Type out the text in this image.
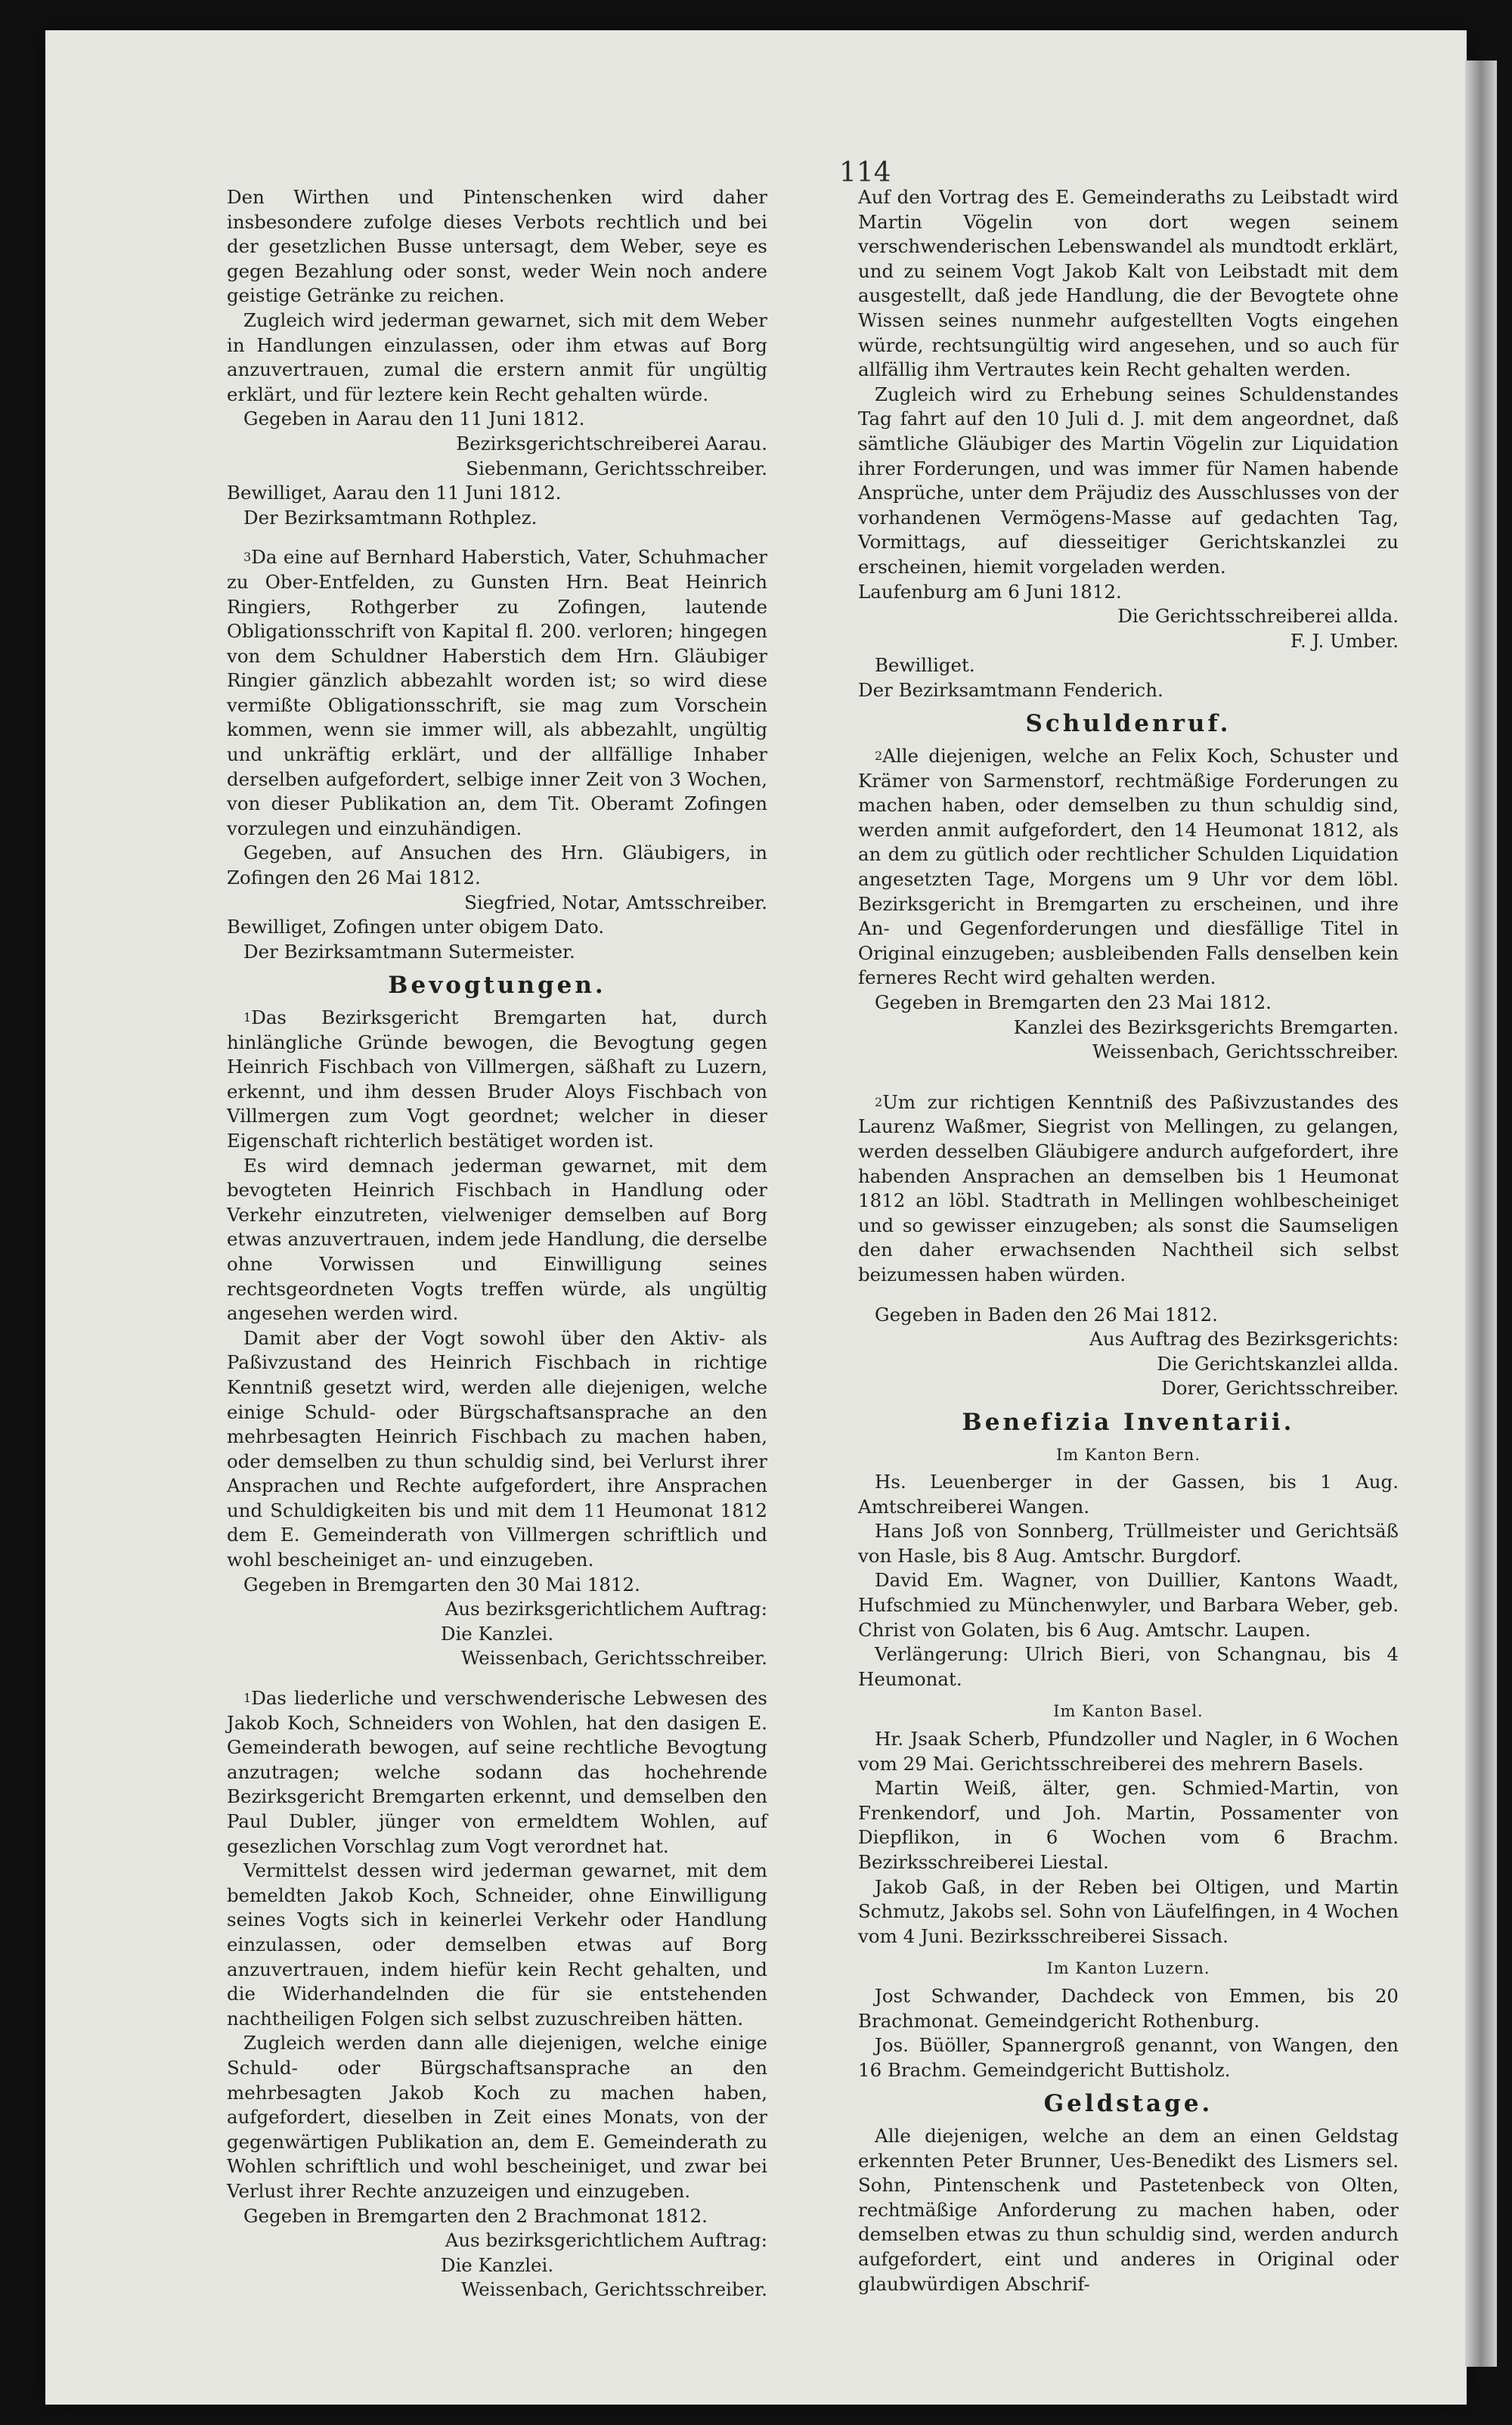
114

Den Wirthen und Pintenschenken wird daher insbesondere zufolge dieses Verbots rechtlich und bei der gesetzlichen Busse untersagt, dem Weber, seye es gegen Bezahlung oder sonst, weder Wein noch andere geistige Getränke zu reichen.

Zugleich wird jederman gewarnet, sich mit dem Weber in Handlungen einzulassen, oder ihm etwas auf Borg anzuvertrauen, zumal die erstern anmit für ungültig erklärt, und für leztere kein Recht gehalten würde.

Gegeben in Aarau den 11 Juni 1812.

Bezirksgerichtschreiberei Aarau.

Siebenmann, Gerichtsschreiber.

Bewilliget, Aarau den 11 Juni 1812.

Der Bezirksamtmann Rothplez.

$^3$Da eine auf Bernhard Haberstich, Vater, Schuhmacher zu Ober-Entfelden, zu Gunsten Hrn. Beat Heinrich Ringiers, Rothgerber zu Zofingen, lautende Obligationsschrift von Kapital fl. 200. verloren; hingegen von dem Schuldner Haberstich dem Hrn. Gläubiger Ringier gänzlich abbezahlt worden ist; so wird diese vermißte Obligationsschrift, sie mag zum Vorschein kommen, wenn sie immer will, als abbezahlt, ungültig und unkräftig erklärt, und der allfällige Inhaber derselben aufgefordert, selbige inner Zeit von 3 Wochen, von dieser Publikation an, dem Tit. Oberamt Zofingen vorzulegen und einzuhändigen.

Gegeben, auf Ansuchen des Hrn. Gläubigers, in Zofingen den 26 Mai 1812.

Siegfried, Notar, Amtsschreiber.

Bewilliget, Zofingen unter obigem Dato.

Der Bezirksamtmann Sutermeister.

Bevogtungen.

$^1$Das Bezirksgericht Bremgarten hat, durch hinlängliche Gründe bewogen, die Bevogtung gegen Heinrich Fischbach von Villmergen, säßhaft zu Luzern, erkennt, und ihm dessen Bruder Aloys Fischbach von Villmergen zum Vogt geordnet; welcher in dieser Eigenschaft richterlich bestätiget worden ist.

Es wird demnach jederman gewarnet, mit dem bevogteten Heinrich Fischbach in Handlung oder Verkehr einzutreten, vielweniger demselben auf Borg etwas anzuvertrauen, indem jede Handlung, die derselbe ohne Vorwissen und Einwilligung seines rechtsgeordneten Vogts treffen würde, als ungültig angesehen werden wird.

Damit aber der Vogt sowohl über den Aktiv- als Paßivzustand des Heinrich Fischbach in richtige Kenntniß gesetzt wird, werden alle diejenigen, welche einige Schuld- oder Bürgschaftsansprache an den mehrbesagten Heinrich Fischbach zu machen haben, oder demselben zu thun schuldig sind, bei Verlurst ihrer Ansprachen und Rechte aufgefordert, ihre Ansprachen und Schuldigkeiten bis und mit dem 11 Heumonat 1812 dem E. Gemeinderath von Villmergen schriftlich und wohl bescheiniget an- und einzugeben.

Gegeben in Bremgarten den 30 Mai 1812.

Aus bezirksgerichtlichem Auftrag:

Die Kanzlei.

Weissenbach, Gerichtsschreiber.

$^1$Das liederliche und verschwenderische Lebwesen des Jakob Koch, Schneiders von Wohlen, hat den dasigen E. Gemeinderath bewogen, auf seine rechtliche Bevogtung anzutragen; welche sodann das hochehrende Bezirksgericht Bremgarten erkennt, und demselben den Paul Dubler, jünger von ermeldtem Wohlen, auf gesezlichen Vorschlag zum Vogt verordnet hat.

Vermittelst dessen wird jederman gewarnet, mit dem bemeldten Jakob Koch, Schneider, ohne Einwilligung seines Vogts sich in keinerlei Verkehr oder Handlung einzulassen, oder demselben etwas auf Borg anzuvertrauen, indem hiefür kein Recht gehalten, und die Widerhandelnden die für sie entstehenden nachtheiligen Folgen sich selbst zuzuschreiben hätten.

Zugleich werden dann alle diejenigen, welche einige Schuld- oder Bürgschaftsansprache an den mehrbesagten Jakob Koch zu machen haben, aufgefordert, dieselben in Zeit eines Monats, von der gegenwärtigen Publikation an, dem E. Gemeinderath zu Wohlen schriftlich und wohl bescheiniget, und zwar bei Verlust ihrer Rechte anzuzeigen und einzugeben.

Gegeben in Bremgarten den 2 Brachmonat 1812.

Aus bezirksgerichtlichem Auftrag:

Die Kanzlei.

Weissenbach, Gerichtsschreiber.

Auf den Vortrag des E. Gemeinderaths zu Leibstadt wird Martin Vögelin von dort wegen seinem verschwenderischen Lebenswandel als mundtodt erklärt, und zu seinem Vogt Jakob Kalt von Leibstadt mit dem ausgestellt, daß jede Handlung, die der Bevogtete ohne Wissen seines nunmehr aufgestellten Vogts eingehen würde, rechtsungültig wird angesehen, und so auch für allfällig ihm Vertrautes kein Recht gehalten werden.

Zugleich wird zu Erhebung seines Schuldenstandes Tag fahrt auf den 10 Juli d. J. mit dem angeordnet, daß sämtliche Gläubiger des Martin Vögelin zur Liquidation ihrer Forderungen, und was immer für Namen habende Ansprüche, unter dem Präjudiz des Ausschlusses von der vorhandenen Vermögens-Masse auf gedachten Tag, Vormittags, auf diesseitiger Gerichtskanzlei zu erscheinen, hiemit vorgeladen werden.

Laufenburg am 6 Juni 1812.

Die Gerichtsschreiberei allda.

F. J. Umber.

Bewilliget.

Der Bezirksamtmann Fenderich.

Schuldenruf.

$^2$Alle diejenigen, welche an Felix Koch, Schuster und Krämer von Sarmenstorf, rechtmäßige Forderungen zu machen haben, oder demselben zu thun schuldig sind, werden anmit aufgefordert, den 14 Heumonat 1812, als an dem zu gütlich oder rechtlicher Schulden Liquidation angesetzten Tage, Morgens um 9 Uhr vor dem löbl. Bezirksgericht in Bremgarten zu erscheinen, und ihre An- und Gegenforderungen und diesfällige Titel in Original einzugeben; ausbleibenden Falls denselben kein ferneres Recht wird gehalten werden.

Gegeben in Bremgarten den 23 Mai 1812.

Kanzlei des Bezirksgerichts Bremgarten.

Weissenbach, Gerichtsschreiber.

$^2$Um zur richtigen Kenntniß des Paßivzustandes des Laurenz Waßmer, Siegrist von Mellingen, zu gelangen, werden desselben Gläubigere andurch aufgefordert, ihre habenden Ansprachen an demselben bis 1 Heumonat 1812 an löbl. Stadtrath in Mellingen wohlbescheiniget und so gewisser einzugeben; als sonst die Saumseligen den daher erwachsenden Nachtheil sich selbst beizumessen haben würden.

Gegeben in Baden den 26 Mai 1812.

Aus Auftrag des Bezirksgerichts:

Die Gerichtskanzlei allda.

Dorer, Gerichtsschreiber.

Benefizia Inventarii.
Im Kanton Bern.

Hs. Leuenberger in der Gassen, bis 1 Aug. Amtschreiberei Wangen.

Hans Joß von Sonnberg, Trüllmeister und Gerichtsäß von Hasle, bis 8 Aug. Amtschr. Burgdorf.

David Em. Wagner, von Duillier, Kantons Waadt, Hufschmied zu Münchenwyler, und Barbara Weber, geb. Christ von Golaten, bis 6 Aug. Amtschr. Laupen.

Verlängerung: Ulrich Bieri, von Schangnau, bis 4 Heumonat.

Im Kanton Basel.

Hr. Jsaak Scherb, Pfundzoller und Nagler, in 6 Wochen vom 29 Mai. Gerichtsschreiberei des mehrern Basels.

Martin Weiß, älter, gen. Schmied-Martin, von Frenkendorf, und Joh. Martin, Possamenter von Diepflikon, in 6 Wochen vom 6 Brachm. Bezirksschreiberei Liestal.

Jakob Gaß, in der Reben bei Oltigen, und Martin Schmutz, Jakobs sel. Sohn von Läufelfingen, in 4 Wochen vom 4 Juni. Bezirksschreiberei Sissach.

Im Kanton Luzern.

Jost Schwander, Dachdeck von Emmen, bis 20 Brachmonat. Gemeindgericht Rothenburg.

Jos. Büöller, Spannergroß genannt, von Wangen, den 16 Brachm. Gemeindgericht Buttisholz.

Geldstage.

Alle diejenigen, welche an dem an einen Geldstag erkennten Peter Brunner, Ues-Benedikt des Lismers sel. Sohn, Pintenschenk und Pastetenbeck von Olten, rechtmäßige Anforderung zu machen haben, oder demselben etwas zu thun schuldig sind, werden andurch aufgefordert, eint und anderes in Original oder glaubwürdigen Abschrif-
